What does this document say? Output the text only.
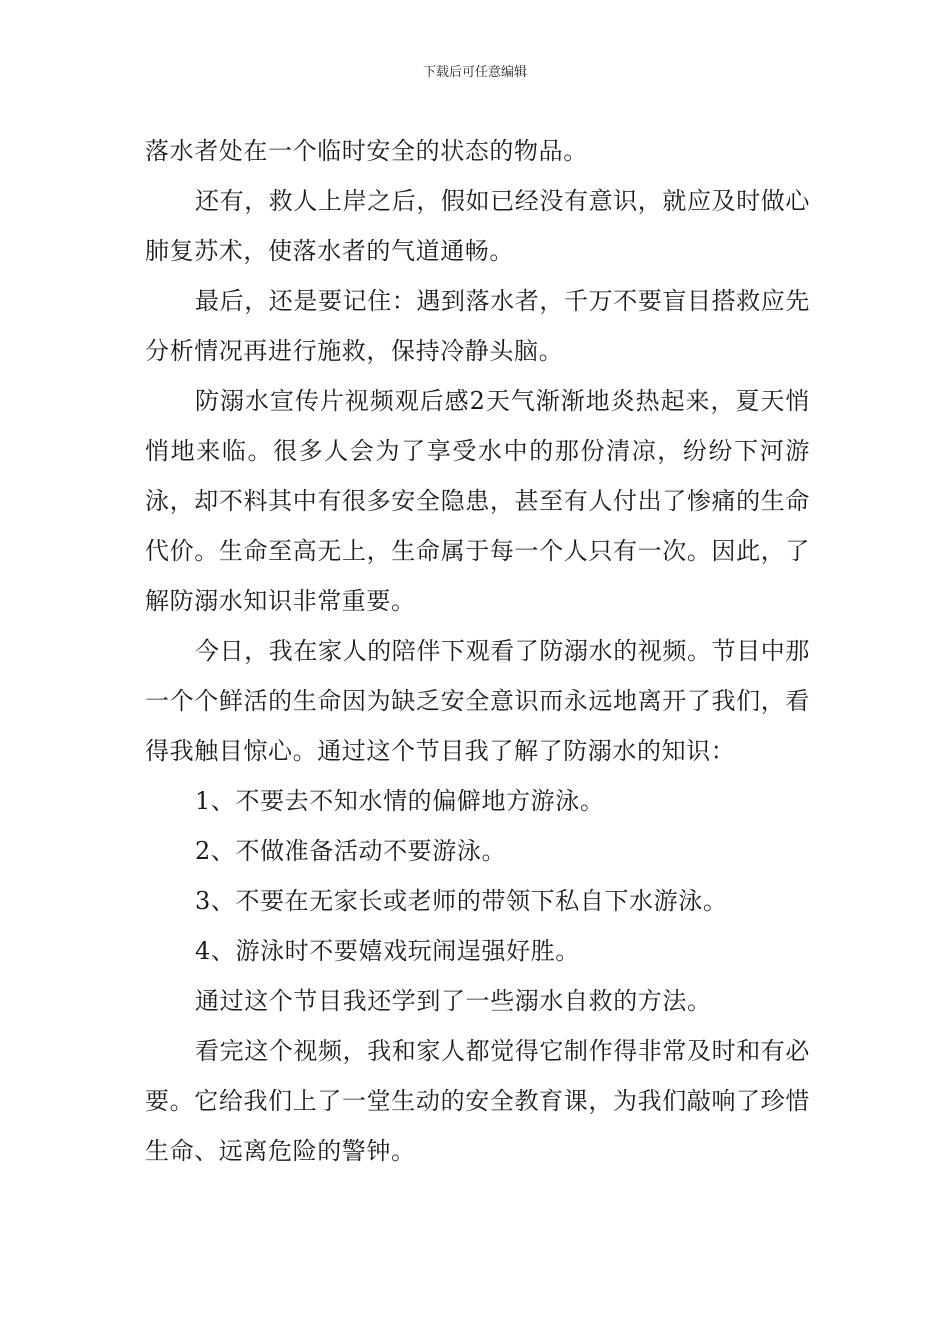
下载后可任意编辑

落水者处在一个临时安全的状态的物品。

还有，救人上岸之后，假如已经没有意识，就应及时做心肺复苏术，使落水者的气道通畅。

最后，还是要记住：遇到落水者，千万不要盲目搭救应先分析情况再进行施救，保持冷静头脑。

防溺水宣传片视频观后感2天气渐渐地炎热起来，夏天悄悄地来临。很多人会为了享受水中的那份清凉，纷纷下河游泳，却不料其中有很多安全隐患，甚至有人付出了惨痛的生命代价。生命至高无上，生命属于每一个人只有一次。因此，了解防溺水知识非常重要。

今日，我在家人的陪伴下观看了防溺水的视频。节目中那一个个鲜活的生命因为缺乏安全意识而永远地离开了我们，看得我触目惊心。通过这个节目我了解了防溺水的知识：

1、不要去不知水情的偏僻地方游泳。

2、不做准备活动不要游泳。

3、不要在无家长或老师的带领下私自下水游泳。

4、游泳时不要嬉戏玩闹逞强好胜。

通过这个节目我还学到了一些溺水自救的方法。

看完这个视频，我和家人都觉得它制作得非常及时和有必要。它给我们上了一堂生动的安全教育课，为我们敲响了珍惜生命、远离危险的警钟。
